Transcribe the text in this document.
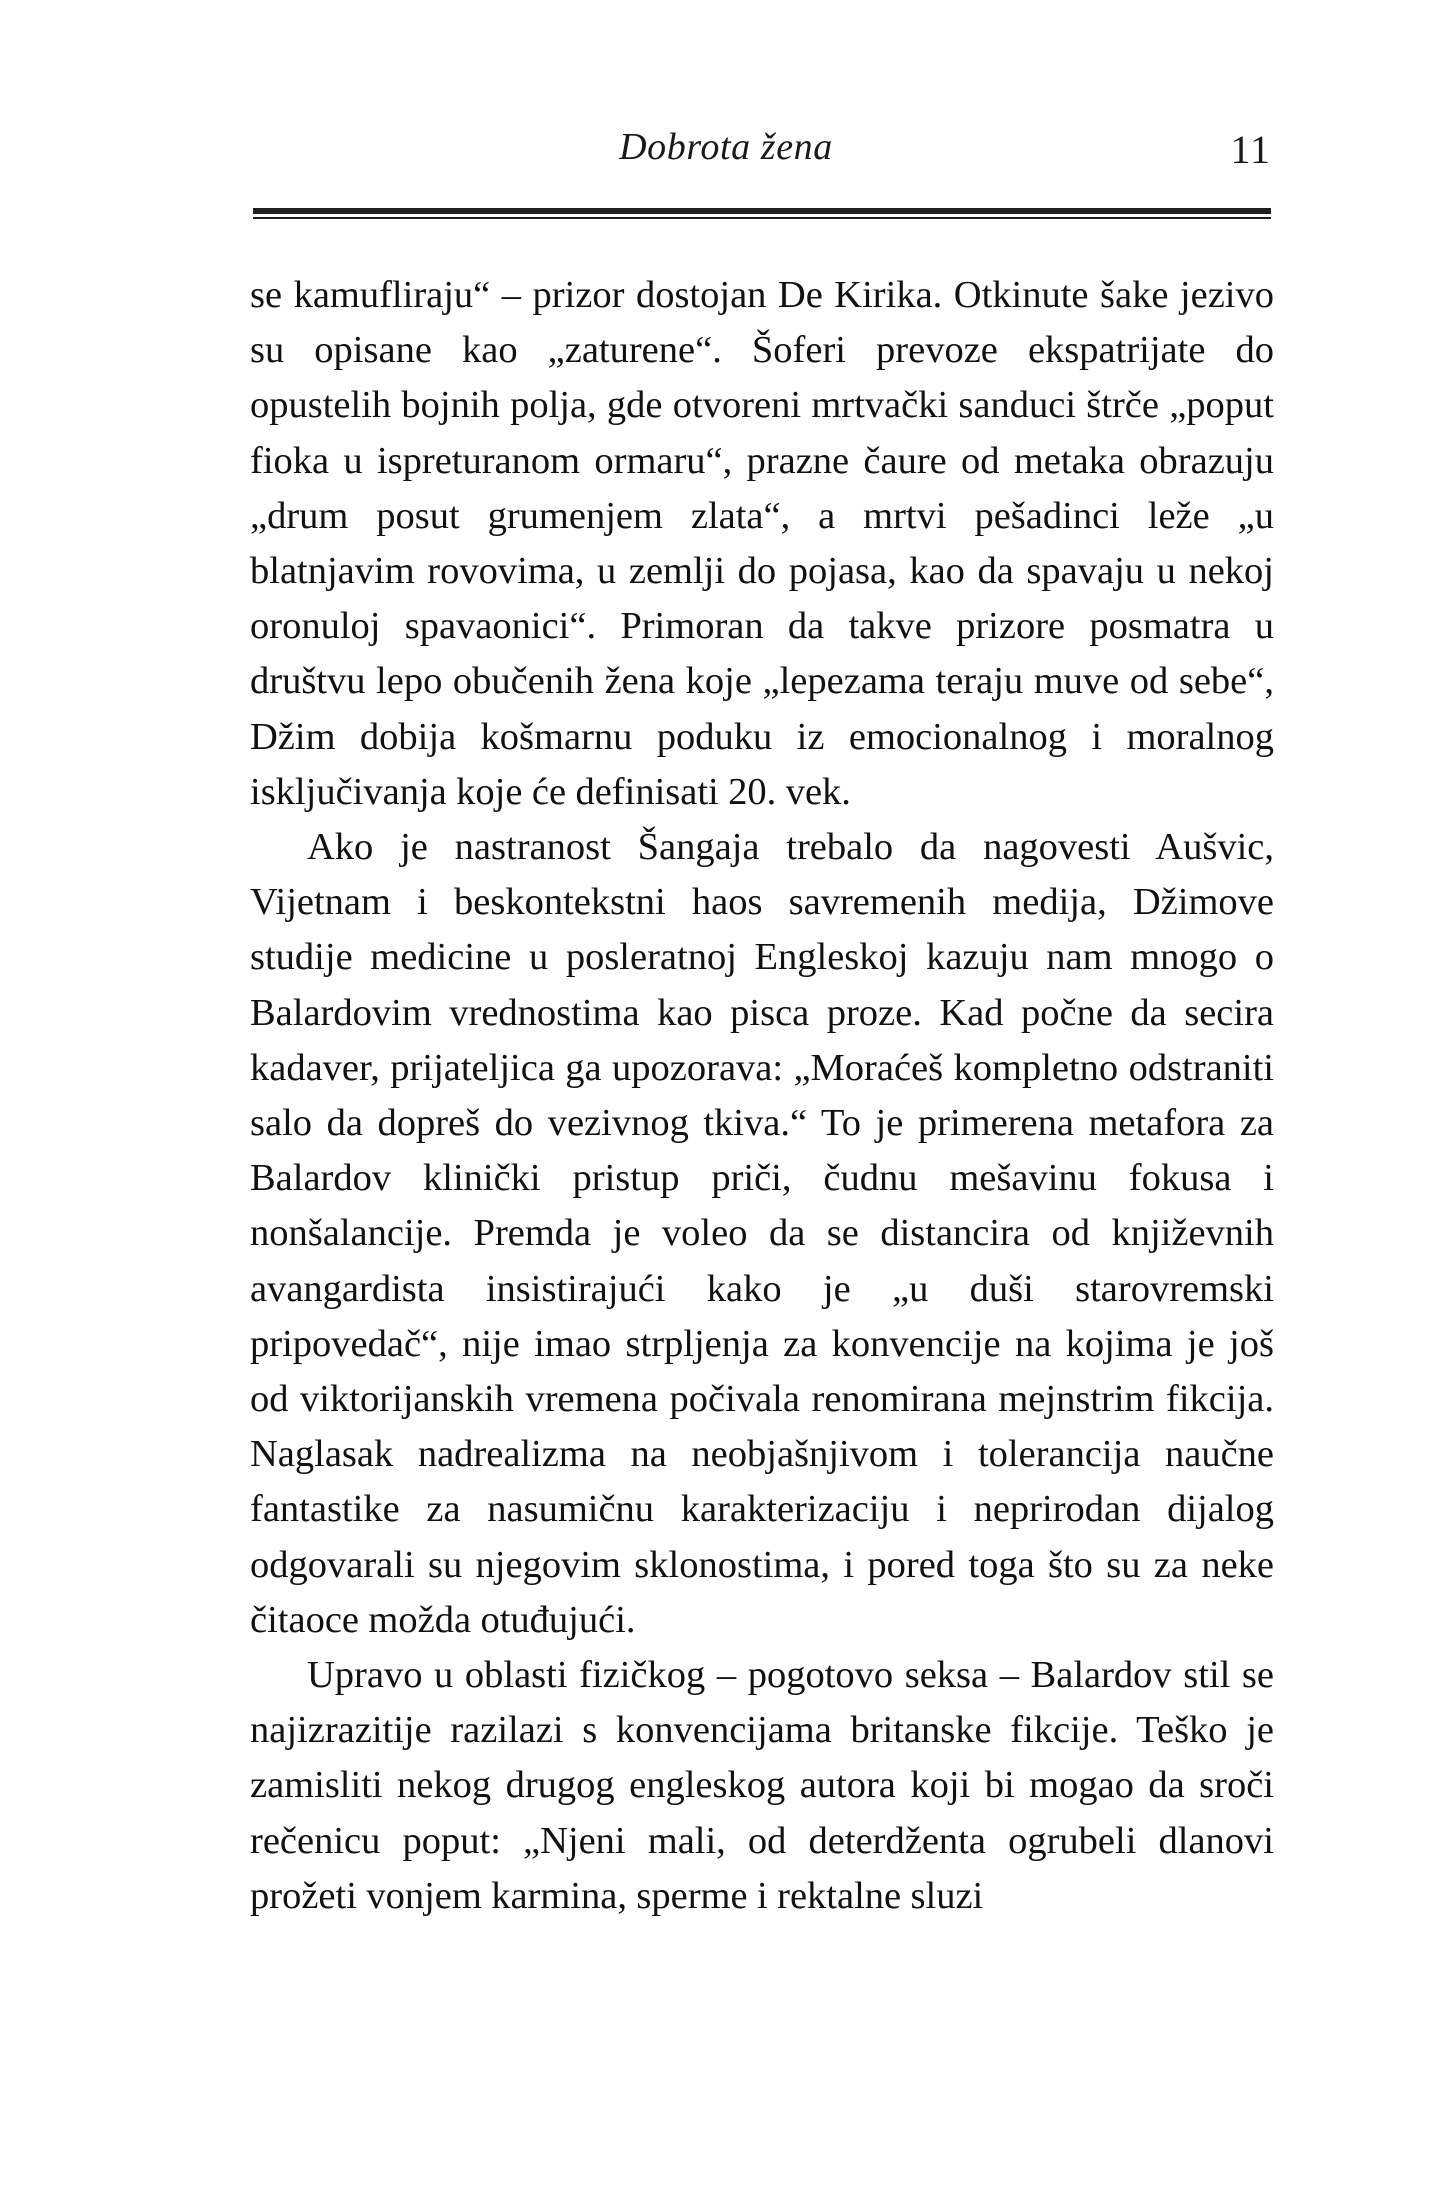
Dobrota žena	11

se kamufliraju“ – prizor dostojan De Kirika. Otkinute šake jezivo su opisane kao „zaturene“. Šoferi prevoze ekspatrijate do opustelih bojnih polja, gde otvoreni mrtvački sanduci štrče „poput fioka u ispreturanom ormaru“, prazne čaure od metaka obrazuju „drum posut grumenjem zlata“, a mrtvi pešadinci leže „u blatnjavim rovovima, u zemlji do pojasa, kao da spavaju u nekoj oronuloj spavaonici“. Primoran da takve prizore posmatra u društvu lepo obučenih žena koje „lepezama teraju muve od sebe“, Džim dobija košmarnu poduku iz emocionalnog i moralnog isključivanja koje će definisati 20. vek.

Ako je nastranost Šangaja trebalo da nagovesti Aušvic, Vijetnam i beskontekstni haos savremenih medija, Džimove studije medicine u posleratnoj Engleskoj kazuju nam mnogo o Balardovim vrednostima kao pisca proze. Kad počne da secira kadaver, prijateljica ga upozorava: „Moraćeš kompletno odstraniti salo da dopreš do vezivnog tkiva.“ To je primerena metafora za Balardov klinički pristup priči, čudnu mešavinu fokusa i nonšalancije. Premda je voleo da se distancira od književnih avangardista insistirajući kako je „u duši starovremski pripovedač“, nije imao strpljenja za konvencije na kojima je još od viktorijanskih vremena počivala renomirana mejnstrim fikcija. Naglasak nadrealizma na neobjašnjivom i tolerancija naučne fantastike za nasumičnu karakterizaciju i neprirodan dijalog odgovarali su njegovim sklonostima, i pored toga što su za neke čitaoce možda otuđujući.

Upravo u oblasti fizičkog – pogotovo seksa – Balardov stil se najizrazitije razilazi s konvencijama britanske fikcije. Teško je zamisliti nekog drugog engleskog autora koji bi mogao da sroči rečenicu poput: „Njeni mali, od deterdženta ogrubeli dlanovi prožeti vonjem karmina, sperme i rektalne sluzi
